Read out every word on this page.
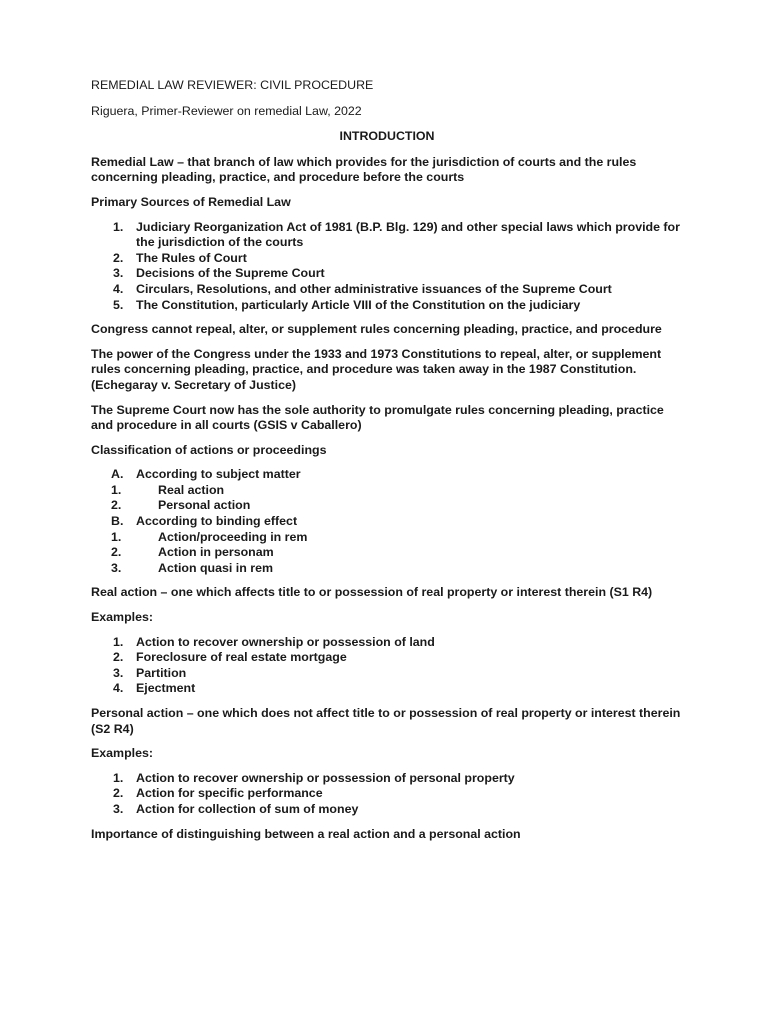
REMEDIAL LAW REVIEWER: CIVIL PROCEDURE

Riguera, Primer-Reviewer on remedial Law, 2022

INTRODUCTION

Remedial Law – that branch of law which provides for the jurisdiction of courts and the rules concerning pleading, practice, and procedure before the courts

Primary Sources of Remedial Law

1. Judiciary Reorganization Act of 1981 (B.P. Blg. 129) and other special laws which provide for the jurisdiction of the courts
2. The Rules of Court
3. Decisions of the Supreme Court
4. Circulars, Resolutions, and other administrative issuances of the Supreme Court
5. The Constitution, particularly Article VIII of the Constitution on the judiciary

Congress cannot repeal, alter, or supplement rules concerning pleading, practice, and procedure

The power of the Congress under the 1933 and 1973 Constitutions to repeal, alter, or supplement rules concerning pleading, practice, and procedure was taken away in the 1987 Constitution. (Echegaray v. Secretary of Justice)

The Supreme Court now has the sole authority to promulgate rules concerning pleading, practice and procedure in all courts (GSIS v Caballero)

Classification of actions or proceedings

A. According to subject matter
1.	Real action
2.	Personal action
B. According to binding effect
1.	Action/proceeding in rem
2.	Action in personam
3.	Action quasi in rem

Real action – one which affects title to or possession of real property or interest therein (S1 R4)

Examples:

1. Action to recover ownership or possession of land
2. Foreclosure of real estate mortgage
3. Partition
4. Ejectment

Personal action – one which does not affect title to or possession of real property or interest therein (S2 R4)

Examples:

1. Action to recover ownership or possession of personal property
2. Action for specific performance
3. Action for collection of sum of money

Importance of distinguishing between a real action and a personal action
